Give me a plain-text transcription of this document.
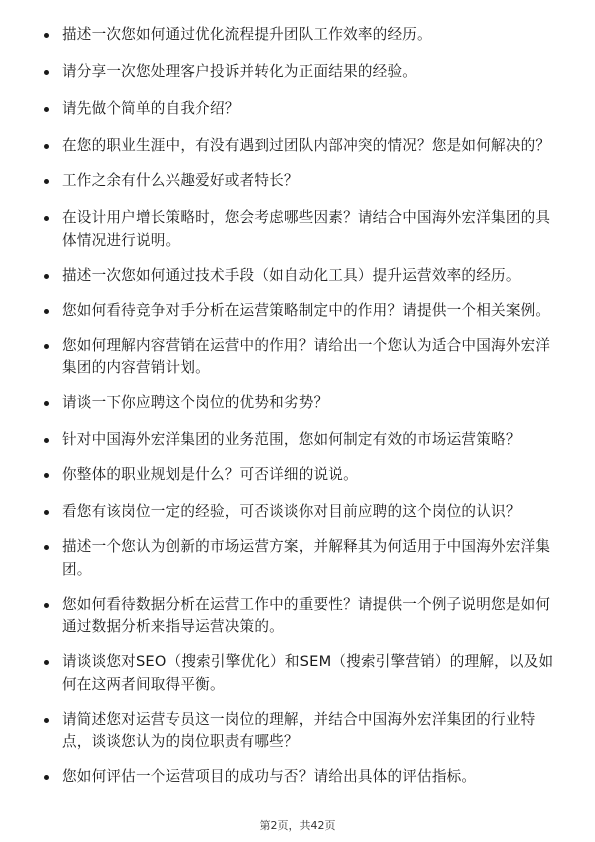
描述一次您如何通过优化流程提升团队工作效率的经历。
请分享一次您处理客户投诉并转化为正面结果的经验。
请先做个简单的自我介绍？
在您的职业生涯中，有没有遇到过团队内部冲突的情况？您是如何解决的？
工作之余有什么兴趣爱好或者特长？
在设计用户增长策略时，您会考虑哪些因素？请结合中国海外宏洋集团的具体情况进行说明。
描述一次您如何通过技术手段（如自动化工具）提升运营效率的经历。
您如何看待竞争对手分析在运营策略制定中的作用？请提供一个相关案例。
您如何理解内容营销在运营中的作用？请给出一个您认为适合中国海外宏洋集团的内容营销计划。
请谈一下你应聘这个岗位的优势和劣势？
针对中国海外宏洋集团的业务范围，您如何制定有效的市场运营策略？
你整体的职业规划是什么？可否详细的说说。
看您有该岗位一定的经验，可否谈谈你对目前应聘的这个岗位的认识？
描述一个您认为创新的市场运营方案，并解释其为何适用于中国海外宏洋集团。
您如何看待数据分析在运营工作中的重要性？请提供一个例子说明您是如何通过数据分析来指导运营决策的。
请谈谈您对SEO（搜索引擎优化）和SEM（搜索引擎营销）的理解，以及如何在这两者间取得平衡。
请简述您对运营专员这一岗位的理解，并结合中国海外宏洋集团的行业特点，谈谈您认为的岗位职责有哪些？
您如何评估一个运营项目的成功与否？请给出具体的评估指标。
第2页，共42页
